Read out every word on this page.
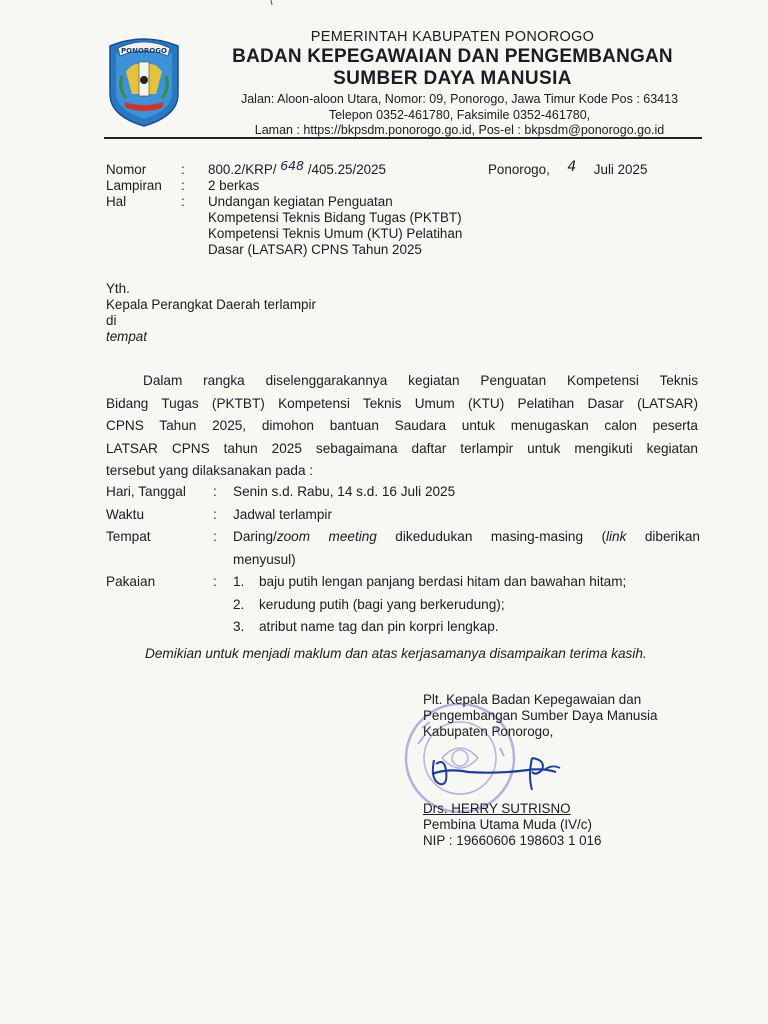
PONOROGO
PEMERINTAH KABUPATEN PONOROGO
BADAN KEPEGAWAIAN DAN PENGEMBANGAN
SUMBER DAYA MANUSIA
Jalan: Aloon-aloon Utara, Nomor: 09, Ponorogo, Jawa Timur Kode Pos : 63413
Telepon 0352-461780, Faksimile 0352-461780,
Laman : https://bkpsdm.ponorogo.go.id, Pos-el : bkpsdm@ponorogo.go.id
Nomor	:	800.2/KRP/ 648 /405.25/2025
Lampiran	:	2 berkas
Hal	:	Undangan kegiatan Penguatan Kompetensi Teknis Bidang Tugas (PKTBT) Kompetensi Teknis Umum (KTU) Pelatihan Dasar (LATSAR) CPNS Tahun 2025
Ponorogo, 4 Juli 2025
Yth.
Kepala Perangkat Daerah terlampir
di
tempat
Dalam rangka diselenggarakannya kegiatan Penguatan Kompetensi Teknis
Bidang Tugas (PKTBT) Kompetensi Teknis Umum (KTU) Pelatihan Dasar (LATSAR)
CPNS Tahun 2025, dimohon bantuan Saudara untuk menugaskan calon peserta
LATSAR CPNS tahun 2025 sebagaimana daftar terlampir untuk mengikuti kegiatan
tersebut yang dilaksanakan pada :
Hari, Tanggal : Senin s.d. Rabu, 14 s.d. 16 Juli 2025
Waktu	: Jadwal terlampir
Tempat	: Daring/zoom meeting dikedudukan masing-masing (link diberikan
menyusul)
Pakaian	: 1. baju putih lengan panjang berdasi hitam dan bawahan hitam;
2. kerudung putih (bagi yang berkerudung);
3. atribut name tag dan pin korpri lengkap.
Demikian untuk menjadi maklum dan atas kerjasamanya disampaikan terima kasih.
Plt. Kepala Badan Kepegawaian dan
Pengembangan Sumber Daya Manusia
Kabupaten Ponorogo,
Drs. HERRY SUTRISNO
Pembina Utama Muda (IV/c)
NIP : 19660606 198603 1 016
